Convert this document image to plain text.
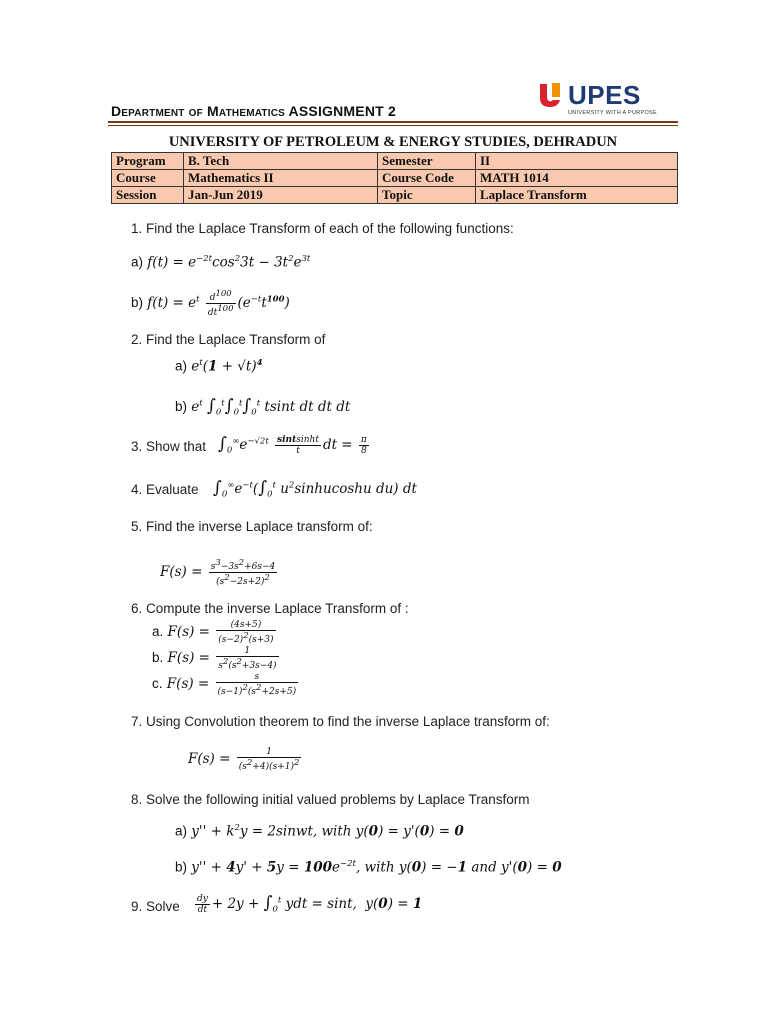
Department of Mathematics ASSIGNMENT 2
UPES
UNIVERSITY WITH A PURPOSE
UNIVERSITY OF PETROLEUM & ENERGY STUDIES, DEHRADUN
Program	B. Tech	Semester	II
Course	Mathematics II	Course Code	MATH 1014
Session	Jan-Jun 2019	Topic	Laplace Transform
1. Find the Laplace Transform of each of the following functions:
a) $f(t) = e^{-2t}\cos^23t - 3t^2e^{3t}$
b) $f(t) = e^t \frac{d^{100}}{dt^{100}} (e^{-t}t^{100})$
2. Find the Laplace Transform of
a) $e^t(1 + √t)^4$
b) $e^t$ $\int_0^t\int_0^t\int_0^t$ tsint dt dt dt
3. Show that $\int_0^\infty e^{-√2t} \frac{\text{sintsinht}}{t}$ dt = $\frac{\pi}{8}$
4. Evaluate $\int_0^\infty e^{-t}(\int_0^t$ $u^2sinhucoshu$ du) dt
5. Find the inverse Laplace transform of:
$F(s) = \frac{s^3-3s^2+6s-4}{(s^2-2s+2)^2}$
6. Compute the inverse Laplace Transform of :
a. $F(s) = \frac{(4s+5)}{(s-2)^2(s+3)}$
b. $F(s) = \frac{1}{s^2(s^2+3s-4)}$
c. $F(s) = \frac{s}{(s-1)^2(s^2+2s+5)}$
7. Using Convolution theorem to find the inverse Laplace transform of:
$F(s) = \frac{1}{(s^2+4)(s+1)^2}$
8. Solve the following initial valued problems by Laplace Transform
a) $y'' + k^2y$ = 2sinwt, with y(0) = y'(0) = 0
b) $y'' + 4y' + 5y = 100e^{-2t}$, with y(0) = −1 and y'(0) = 0
9. Solve $\frac{dy}{dt} + 2y + \int_0^t$ ydt = sint,  y(0) = 1
